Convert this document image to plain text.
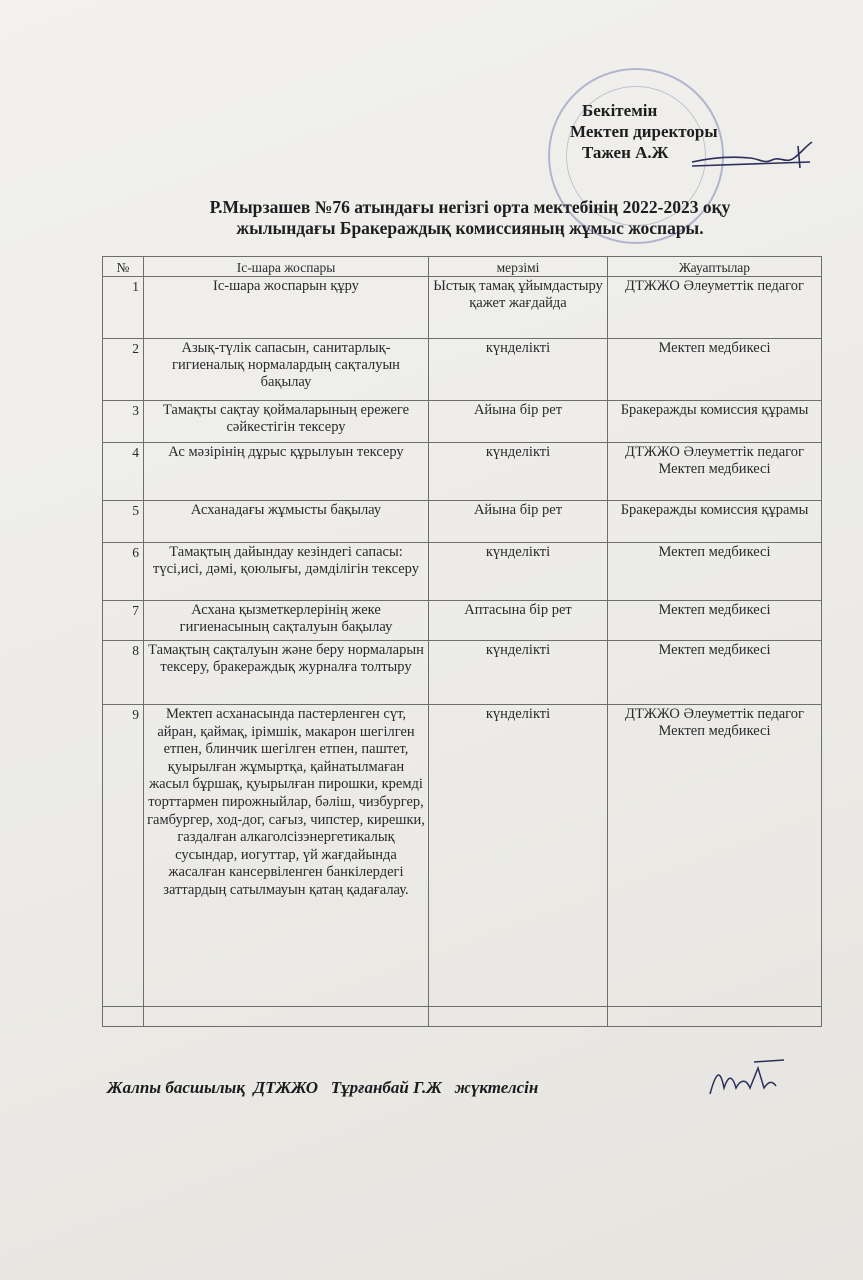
Бекітемін
Мектеп директоры
Тажен А.Ж
Р.Мырзашев №76 атындағы негізгі орта мектебінің 2022-2023 оқу
жылындағы Бракераждық комиссияның жұмыс жоспары.
№	Іс-шара жоспары	мерзімі	Жауаптылар
1	Іс-шара жоспарын құру	Ыстық тамақ ұйымдастыру қажет жағдайда	ДТЖЖО Әлеуметтік педагог
2	Азық-түлік сапасын, санитарлық-гигиеналық нормалардың сақталуын бақылау	күнделікті	Мектеп медбикесі
3	Тамақты сақтау қоймаларының ережеге сәйкестігін тексеру	Айына бір рет	Бракеражды комиссия құрамы
4	Ас мәзірінің дұрыс құрылуын тексеру	күнделікті	ДТЖЖО Әлеуметтік педагог Мектеп медбикесі
5	Асханадағы жұмысты бақылау	Айына бір рет	Бракеражды комиссия құрамы
6	Тамақтың дайындау кезіндегі сапасы: түсі,исі, дәмі, қоюлығы, дәмділігін тексеру	күнделікті	Мектеп медбикесі
7	Асхана қызметкерлерінің жеке гигиенасының сақталуын бақылау	Аптасына бір рет	Мектеп медбикесі
8	Тамақтың сақталуын және беру нормаларын тексеру, бракераждық журналға толтыру	күнделікті	Мектеп медбикесі
9	Мектеп асханасында пастерленген сүт, айран, қаймақ, ірімшік, макарон шегілген етпен, блинчик шегілген етпен, паштет, қуырылған жұмыртқа, қайнатылмаған жасыл бұршақ, қуырылған пирошки, кремді торттармен пирожныйлар, бәліш, чизбургер, гамбургер, ход-дог, сағыз, чипстер, кирешки, газдалған алкаголсізэнергетикалық сусындар, иогуттар, үй жағдайында жасалған кансервіленген банкілердегі заттардың сатылмауын қатаң қадағалау.	күнделікті	ДТЖЖО Әлеуметтік педагог Мектеп медбикесі

Жалпы басшылық  ДТЖЖО   Тұрғанбай Г.Ж   жүктелсін
